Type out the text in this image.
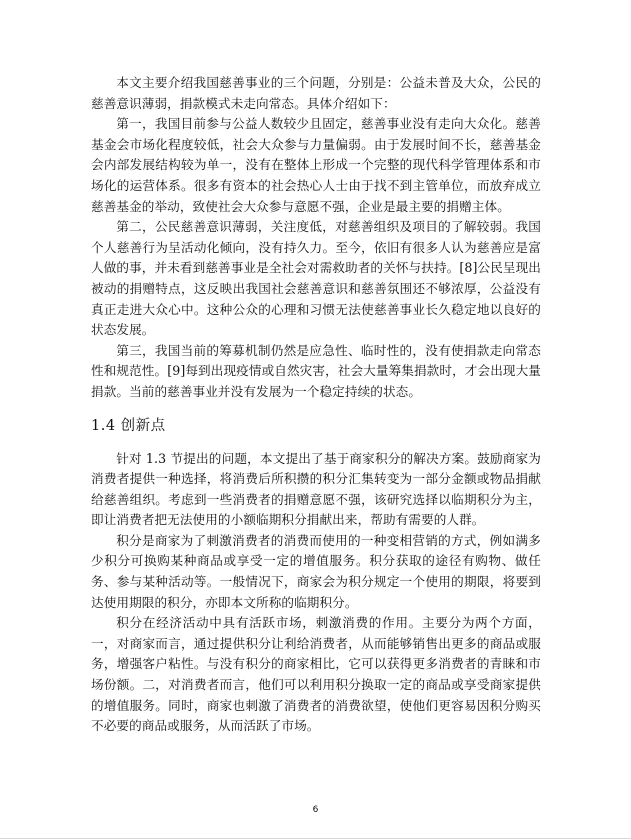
本文主要介绍我国慈善事业的三个问题，分别是：公益未普及大众，公民的慈善意识薄弱，捐款模式未走向常态。具体介绍如下：

第一，我国目前参与公益人数较少且固定，慈善事业没有走向大众化。慈善基金会市场化程度较低，社会大众参与力量偏弱。由于发展时间不长，慈善基金会内部发展结构较为单一，没有在整体上形成一个完整的现代科学管理体系和市场化的运营体系。很多有资本的社会热心人士由于找不到主管单位，而放弃成立慈善基金的举动，致使社会大众参与意愿不强，企业是最主要的捐赠主体。

第二，公民慈善意识薄弱，关注度低，对慈善组织及项目的了解较弱。我国个人慈善行为呈活动化倾向，没有持久力。至今，依旧有很多人认为慈善应是富人做的事，并未看到慈善事业是全社会对需救助者的关怀与扶持。[8]公民呈现出被动的捐赠特点，这反映出我国社会慈善意识和慈善氛围还不够浓厚，公益没有真正走进大众心中。这种公众的心理和习惯无法使慈善事业长久稳定地以良好的状态发展。

第三，我国当前的筹募机制仍然是应急性、临时性的，没有使捐款走向常态性和规范性。[9]每到出现疫情或自然灾害，社会大量筹集捐款时，才会出现大量捐款。当前的慈善事业并没有发展为一个稳定持续的状态。

1.4 创新点

针对 1.3 节提出的问题，本文提出了基于商家积分的解决方案。鼓励商家为消费者提供一种选择，将消费后所积攒的积分汇集转变为一部分金额或物品捐献给慈善组织。考虑到一些消费者的捐赠意愿不强，该研究选择以临期积分为主，即让消费者把无法使用的小额临期积分捐献出来，帮助有需要的人群。

积分是商家为了刺激消费者的消费而使用的一种变相营销的方式，例如满多少积分可换购某种商品或享受一定的增值服务。积分获取的途径有购物、做任务、参与某种活动等。一般情况下，商家会为积分规定一个使用的期限，将要到达使用期限的积分，亦即本文所称的临期积分。

积分在经济活动中具有活跃市场，刺激消费的作用。主要分为两个方面，一，对商家而言，通过提供积分让利给消费者，从而能够销售出更多的商品或服务，增强客户粘性。与没有积分的商家相比，它可以获得更多消费者的青睐和市场份额。二，对消费者而言，他们可以利用积分换取一定的商品或享受商家提供的增值服务。同时，商家也刺激了消费者的消费欲望，使他们更容易因积分购买不必要的商品或服务，从而活跃了市场。

6
